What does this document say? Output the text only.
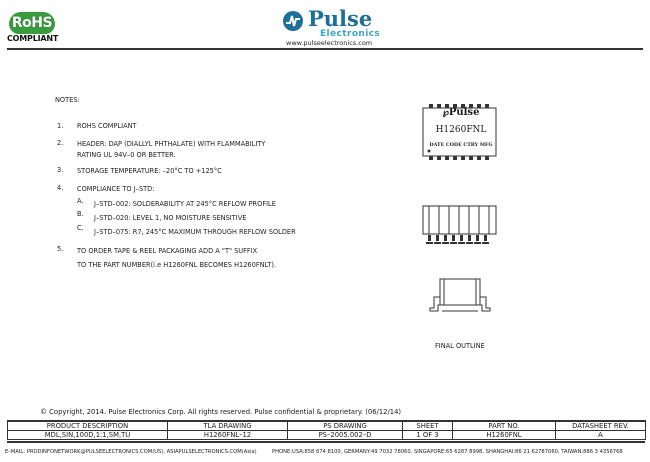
RoHS
COMPLIANT
Pulse
Electronics
www.pulseelectronics.com
NOTES:
1. ROHS COMPLIANT
2. HEADER: DAP (DIALLYL PHTHALATE) WITH FLAMMABILITY
RATING UL 94V–0 OR BETTER.
3. STORAGE TEMPERATURE: –20°C TO +125°C
4. COMPLIANCE TO J–STD:
A. J–STD–002: SOLDERABILITY AT 245°C REFLOW PROFILE
B. J–STD–020: LEVEL 1, NO MOISTURE SENSITIVE
C. J–STD–075: R7, 245°C MAXIMUM THROUGH REFLOW SOLDER
5. TO ORDER TAPE & REEL PACKAGING ADD A "T" SUFFIX
TO THE PART NUMBER(i.e H1260FNL BECOMES H1260FNLT).
℘Pulse
H1260FNL
DATE CODE CTRY MFG
FINAL OUTLINE
© Copyright, 2014. Pulse Electronics Corp. All rights reserved. Pulse confidential & proprietary. (06/12/14)
PRODUCT DESCRIPTION	TLA DRAWING	PS DRAWING	SHEET	PART NO.	DATASHEET REV.
MDL,SIN,100D,1:1,SM,TU	H1260FNL–12	PS–2005.002–D	1 OF 3	H1260FNL	A
E–MAIL: PRODINFONETWORK@PULSEELECTRONICS.COM(US), ASIAPULSELECTRONICS.COM(Asia)	PHONE:USA:858 674 8100, GERMANY:49 7032 78060, SINGAPORE:65 6287 8998, SHANGHAI:86 21 62787060, TAIWAN:886 3 4356768
